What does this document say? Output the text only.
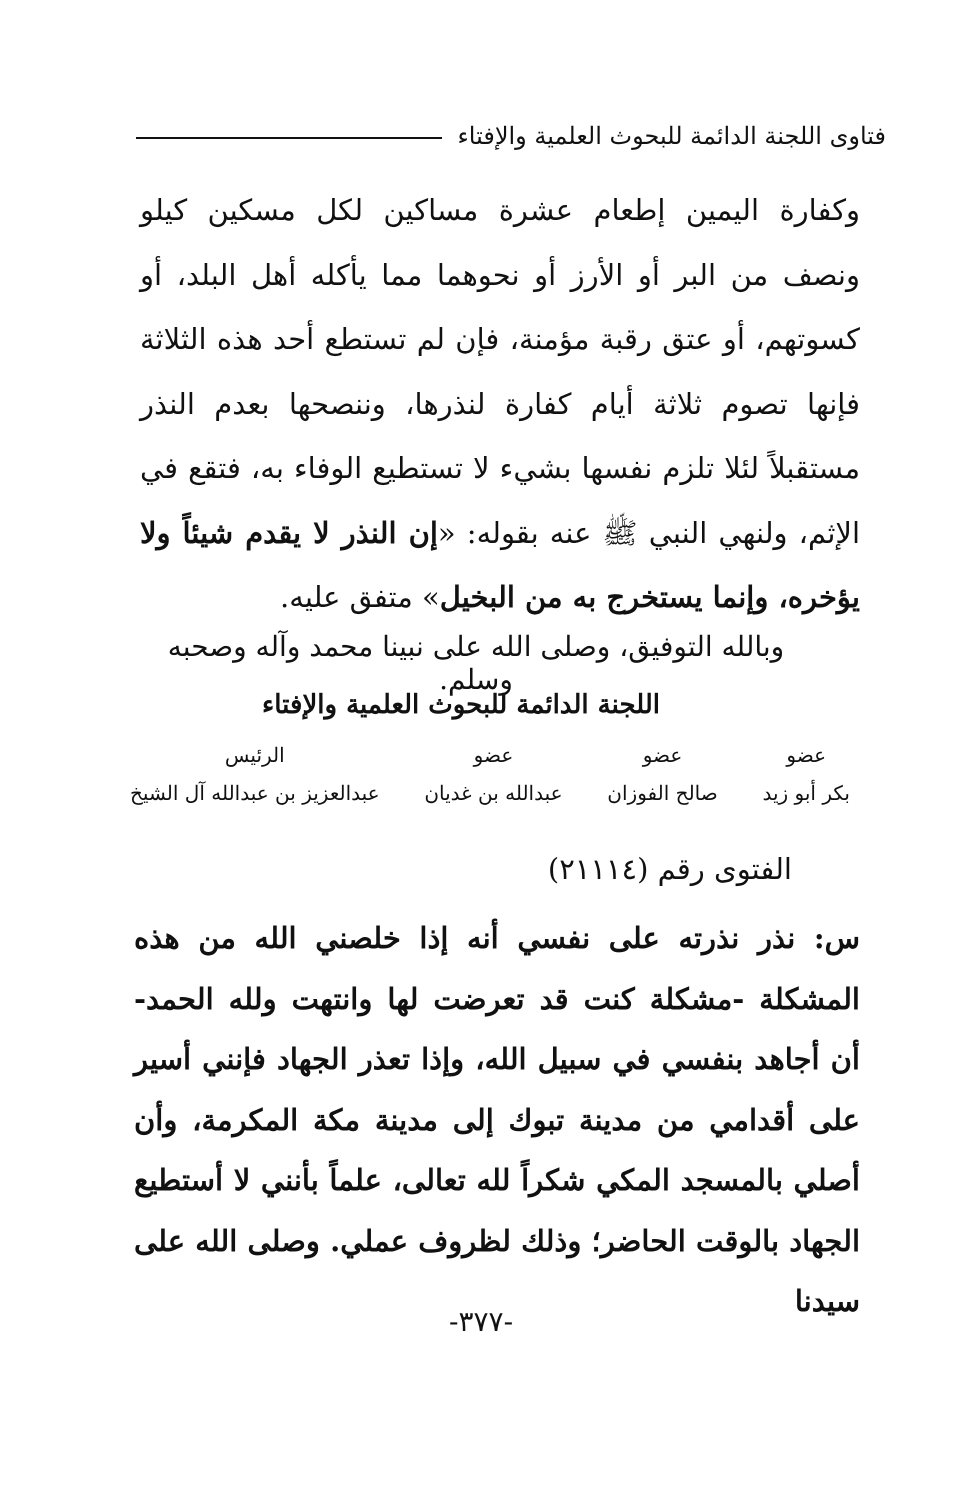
فتاوى اللجنة الدائمة للبحوث العلمية والإفتاء

وكفارة اليمين إطعام عشرة مساكين لكل مسكين كيلو ونصف من البر أو الأرز أو نحوهما مما يأكله أهل البلد، أو كسوتهم، أو عتق رقبة مؤمنة، فإن لم تستطع أحد هذه الثلاثة فإنها تصوم ثلاثة أيام كفارة لنذرها، وننصحها بعدم النذر مستقبلاً لئلا تلزم نفسها بشيء لا تستطيع الوفاء به، فتقع في الإثم، ولنهي النبي ﷺ عنه بقوله: «إن النذر لا يقدم شيئاً ولا يؤخره، وإنما يستخرج به من البخيل» متفق عليه.

وبالله التوفيق، وصلى الله على نبينا محمد وآله وصحبه وسلم.
اللجنة الدائمة للبحوث العلمية والإفتاء
عضو
بكر أبو زيد
عضو
صالح الفوزان
عضو
عبدالله بن غديان
الرئيس
عبدالعزيز بن عبدالله آل الشيخ
الفتوى رقم (٢١١١٤)

س: نذر نذرته على نفسي أنه إذا خلصني الله من هذه المشكلة -مشكلة كنت قد تعرضت لها وانتهت ولله الحمد- أن أجاهد بنفسي في سبيل الله، وإذا تعذر الجهاد فإنني أسير على أقدامي من مدينة تبوك إلى مدينة مكة المكرمة، وأن أصلي بالمسجد المكي شكراً لله تعالى، علماً بأنني لا أستطيع الجهاد بالوقت الحاضر؛ وذلك لظروف عملي. وصلى الله على سيدنا

-٣٧٧-
